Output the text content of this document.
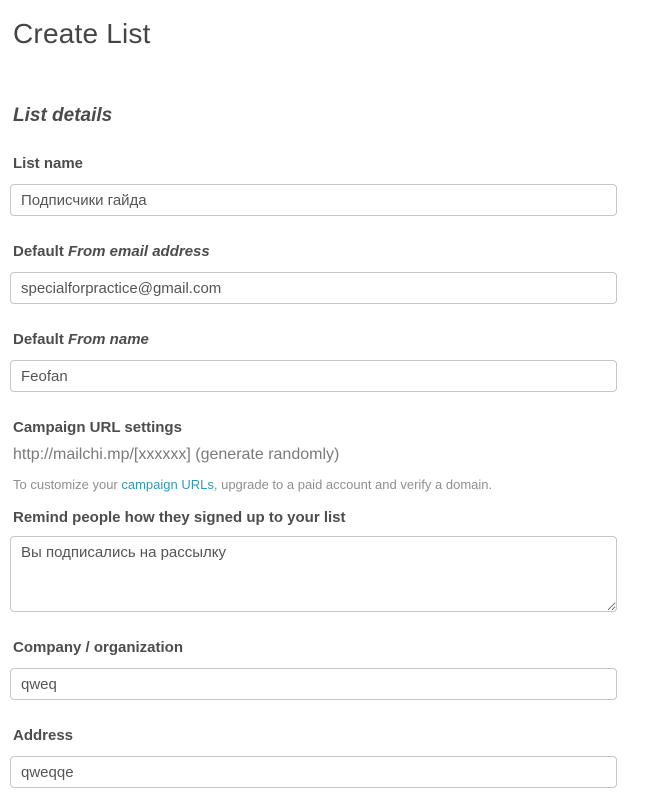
Create List
List details
List name
Подписчики гайда
Default From email address
specialforpractice@gmail.com
Default From name
Feofan
Campaign URL settings

http://mailchi.mp/[xxxxxx] (generate randomly)

To customize your campaign URLs, upgrade to a paid account and verify a domain.

Remind people how they signed up to your list
Вы подписались на рассылку
Company / organization
qweq
Address
qweqqe
